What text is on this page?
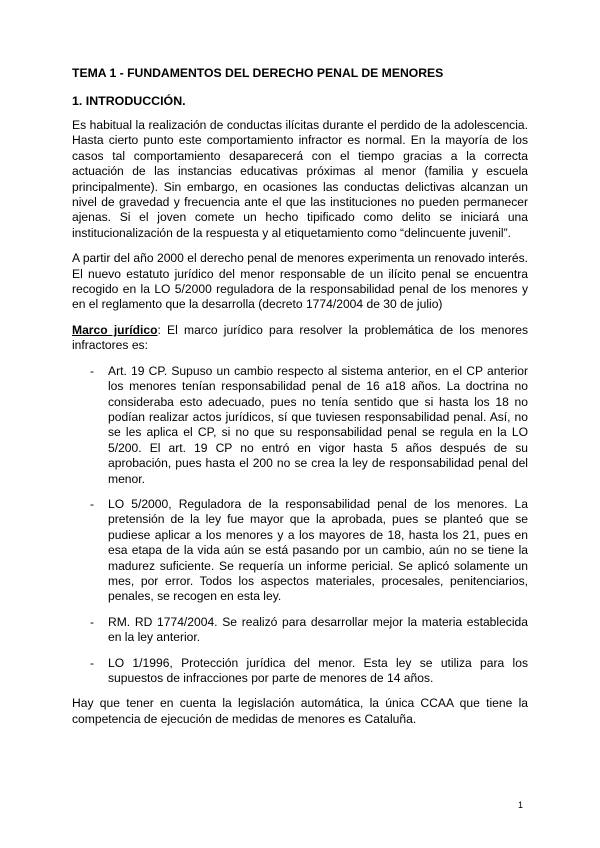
TEMA 1 - FUNDAMENTOS DEL DERECHO PENAL DE MENORES
1. INTRODUCCIÓN.

Es habitual la realización de conductas ilícitas durante el perdido de la adolescencia. Hasta cierto punto este comportamiento infractor es normal. En la mayoría de los casos tal comportamiento desaparecerá con el tiempo gracias a la correcta actuación de las instancias educativas próximas al menor (familia y escuela principalmente). Sin embargo, en ocasiones las conductas delictivas alcanzan un nivel de gravedad y frecuencia ante el que las instituciones no pueden permanecer ajenas. Si el joven comete un hecho tipificado como delito se iniciará una institucionalización de la respuesta y al etiquetamiento como “delincuente juvenil”.

A partir del año 2000 el derecho penal de menores experimenta un renovado interés. El nuevo estatuto jurídico del menor responsable de un ilícito penal se encuentra recogido en la LO 5/2000 reguladora de la responsabilidad penal de los menores y en el reglamento que la desarrolla (decreto 1774/2004 de 30 de julio)

Marco jurídico: El marco jurídico para resolver la problemática de los menores infractores es:

- Art. 19 CP. Supuso un cambio respecto al sistema anterior, en el CP anterior los menores tenían responsabilidad penal de 16 a18 años. La doctrina no consideraba esto adecuado, pues no tenía sentido que si hasta los 18 no podían realizar actos jurídicos, sí que tuviesen responsabilidad penal. Así, no se les aplica el CP, si no que su responsabilidad penal se regula en la LO 5/200. El art. 19 CP no entró en vigor hasta 5 años después de su aprobación, pues hasta el 200 no se crea la ley de responsabilidad penal del menor.
- LO 5/2000, Reguladora de la responsabilidad penal de los menores. La pretensión de la ley fue mayor que la aprobada, pues se planteó que se pudiese aplicar a los menores y a los mayores de 18, hasta los 21, pues en esa etapa de la vida aún se está pasando por un cambio, aún no se tiene la madurez suficiente. Se requería un informe pericial. Se aplicó solamente un mes, por error. Todos los aspectos materiales, procesales, penitenciarios, penales, se recogen en esta ley.
- RM. RD 1774/2004. Se realizó para desarrollar mejor la materia establecida en la ley anterior.
- LO 1/1996, Protección jurídica del menor. Esta ley se utiliza para los supuestos de infracciones por parte de menores de 14 años.

Hay que tener en cuenta la legislación automática, la única CCAA que tiene la competencia de ejecución de medidas de menores es Cataluña.

1
